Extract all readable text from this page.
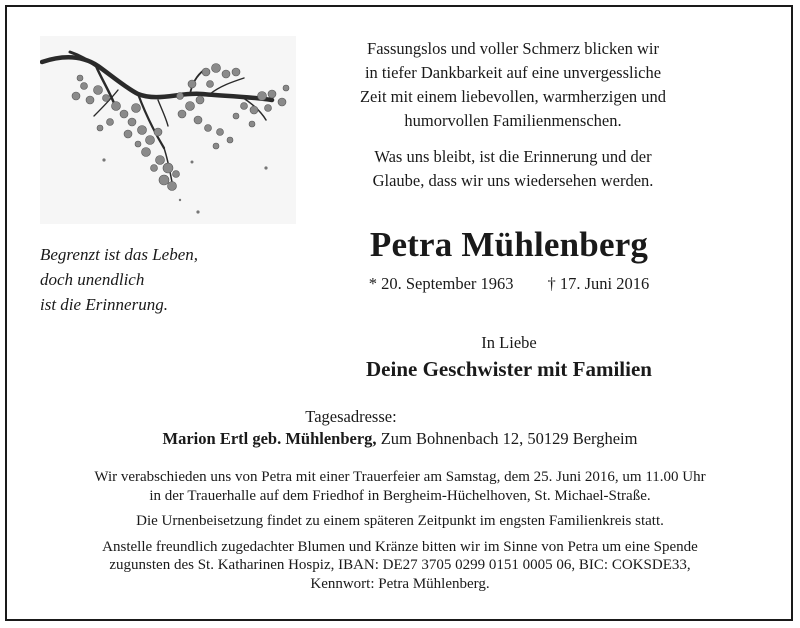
Fassungslos und voller Schmerz blicken wir
in tiefer Dankbarkeit auf eine unvergessliche
Zeit mit einem liebevollen, warmherzigen und
humorvollen Familienmenschen.

Was uns bleibt, ist die Erinnerung und der
Glaube, dass wir uns wiedersehen werden.

Begrenzt ist das Leben,
doch unendlich
ist die Erinnerung.
Petra Mühlenberg
* 20. September 1963 † 17. Juni 2016
In Liebe
Deine Geschwister mit Familien
Tagesadresse:
Marion Ertl geb. Mühlenberg, Zum Bohnenbach 12, 50129 Bergheim

Wir verabschieden uns von Petra mit einer Trauerfeier am Samstag, dem 25. Juni 2016, um 11.00 Uhr
in der Trauerhalle auf dem Friedhof in Bergheim-Hüchelhoven, St. Michael-Straße.

Die Urnenbeisetzung findet zu einem späteren Zeitpunkt im engsten Familienkreis statt.

Anstelle freundlich zugedachter Blumen und Kränze bitten wir im Sinne von Petra um eine Spende
zugunsten des St. Katharinen Hospiz, IBAN: DE27 3705 0299 0151 0005 06, BIC: COKSDE33,
Kennwort: Petra Mühlenberg.
